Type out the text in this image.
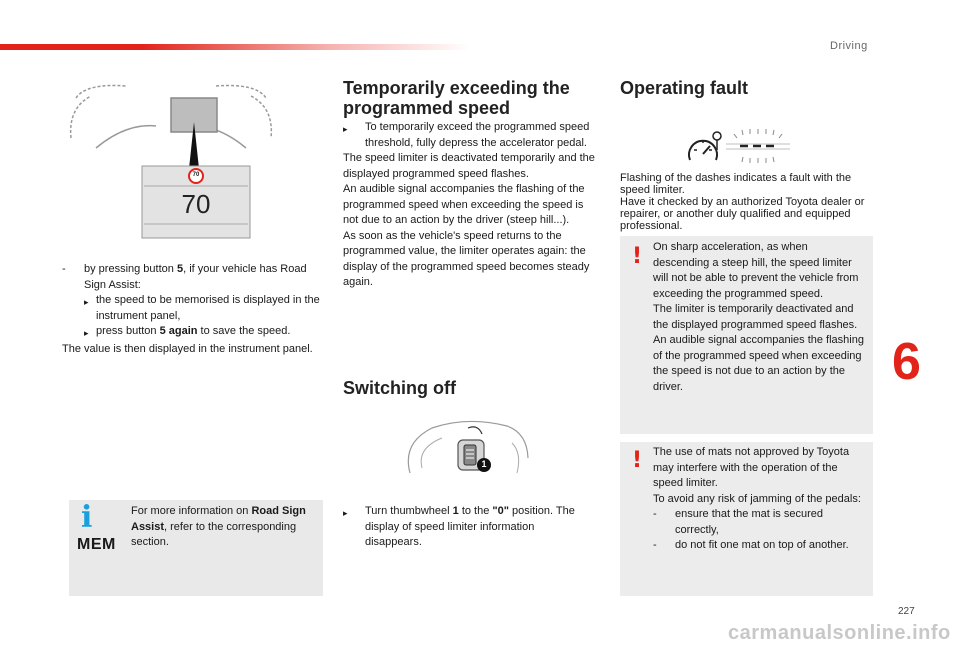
Driving
6
227
carmanualsonline.info
70
70
-	by pressing button 5, if your vehicle has Road Sign Assist:
▸ the speed to be memorised is displayed in the instrument panel,
▸ press button 5 again to save the speed.

The value is then displayed in the instrument panel.

i
MEM
For more information on Road Sign Assist, refer to the corresponding section.
Temporarily exceeding the programmed speed
▸	To temporarily exceed the programmed speed threshold, fully depress the accelerator pedal.

The speed limiter is deactivated temporarily and the displayed programmed speed flashes.

An audible signal accompanies the flashing of the programmed speed when exceeding the speed is not due to an action by the driver (steep hill...).

As soon as the vehicle's speed returns to the programmed value, the limiter operates again: the display of the programmed speed becomes steady again.

Switching off
1
▸	Turn thumbwheel 1 to the "0" position. The display of speed limiter information disappears.
Operating fault

Flashing of the dashes indicates a fault with the speed limiter.

Have it checked by an authorized Toyota dealer or repairer, or another duly qualified and equipped professional.

! On sharp acceleration, as when descending a steep hill, the speed limiter will not be able to prevent the vehicle from exceeding the programmed speed.

The limiter is temporarily deactivated and the displayed programmed speed flashes.

An audible signal accompanies the flashing of the programmed speed when exceeding the speed is not due to an action by the driver.

! The use of mats not approved by Toyota may interfere with the operation of the speed limiter.

To avoid any risk of jamming of the pedals:

-	ensure that the mat is secured correctly,
-	do not fit one mat on top of another.
